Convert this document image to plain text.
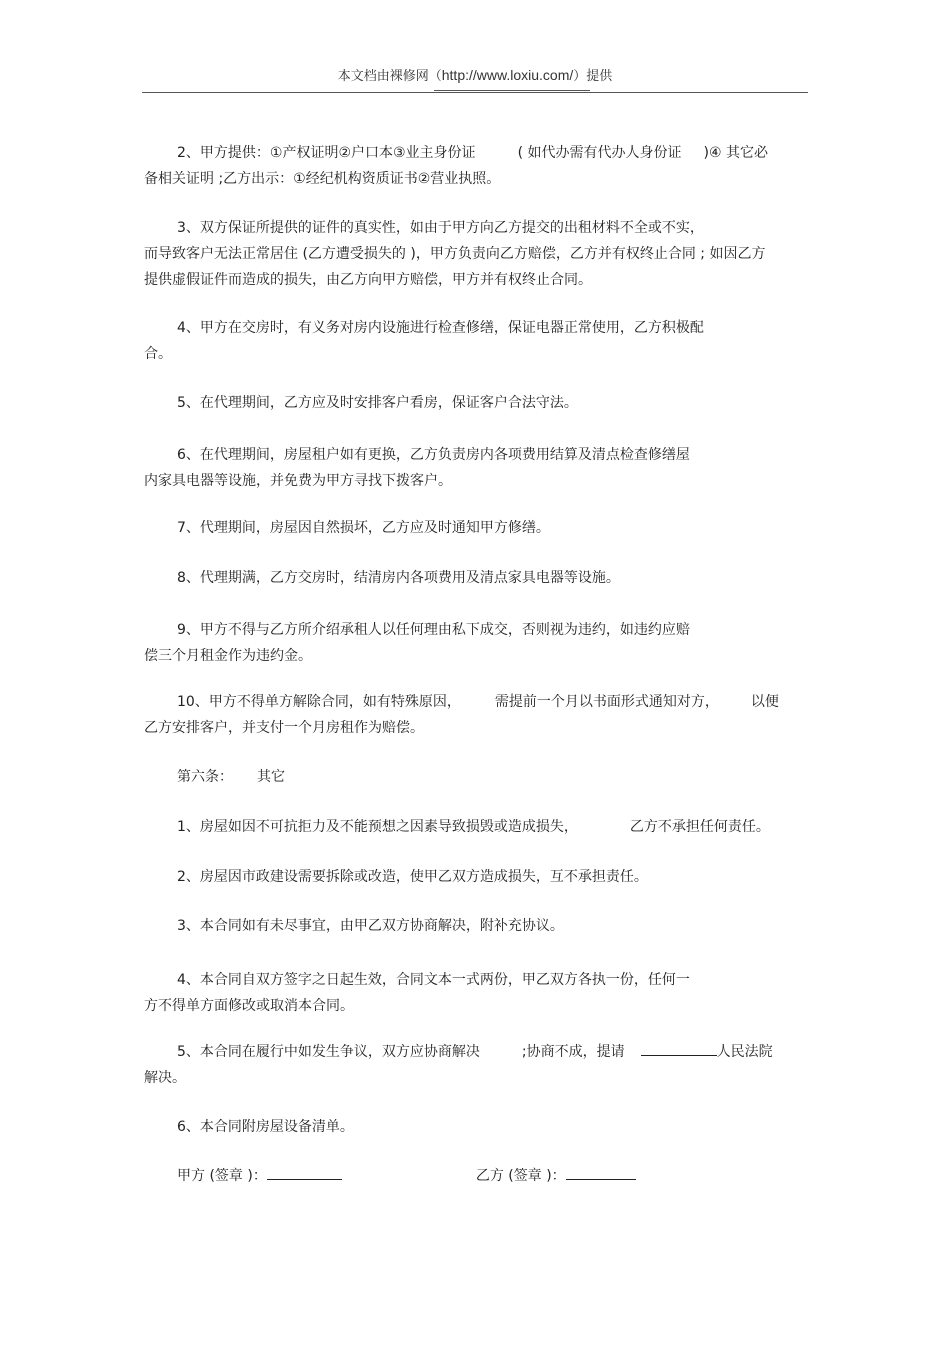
本文档由裸修网（http://www.loxiu.com/）提供
2、甲方提供：①产权证明②户口本③业主身份证	( 如代办需有代办人身份证 )④ 其它必
备相关证明 ;乙方出示：①经纪机构资质证书②营业执照。
3、双方保证所提供的证件的真实性，如由于甲方向乙方提交的出租材料不全或不实，
而导致客户无法正常居住 (乙方遭受损失的 )，甲方负责向乙方赔偿，乙方并有权终止合同 ; 如因乙方
提供虚假证件而造成的损失，由乙方向甲方赔偿，甲方并有权终止合同。
4、甲方在交房时，有义务对房内设施进行检查修缮，保证电器正常使用，乙方积极配
合。
5、在代理期间，乙方应及时安排客户看房，保证客户合法守法。
6、在代理期间，房屋租户如有更换，乙方负责房内各项费用结算及清点检查修缮屋
内家具电器等设施，并免费为甲方寻找下拨客户。
7、代理期间，房屋因自然损坏，乙方应及时通知甲方修缮。
8、代理期满，乙方交房时，结清房内各项费用及清点家具电器等设施。
9、甲方不得与乙方所介绍承租人以任何理由私下成交，否则视为违约，如违约应赔
偿三个月租金作为违约金。
10、甲方不得单方解除合同，如有特殊原因， 需提前一个月以书面形式通知对方， 以便
乙方安排客户，并支付一个月房租作为赔偿。
第六条： 其它
1、房屋如因不可抗拒力及不能预想之因素导致损毁或造成损失，	乙方不承担任何责任。
2、房屋因市政建设需要拆除或改造，使甲乙双方造成损失，互不承担责任。
3、本合同如有未尽事宜，由甲乙双方协商解决，附补充协议。
4、本合同自双方签字之日起生效，合同文本一式两份，甲乙双方各执一份，任何一
方不得单方面修改或取消本合同。
5、本合同在履行中如发生争议，双方应协商解决	;协商不成，提请	人民法院
解决。
6、本合同附房屋设备清单。
甲方 (签章 )：	乙方 (签章 )：
